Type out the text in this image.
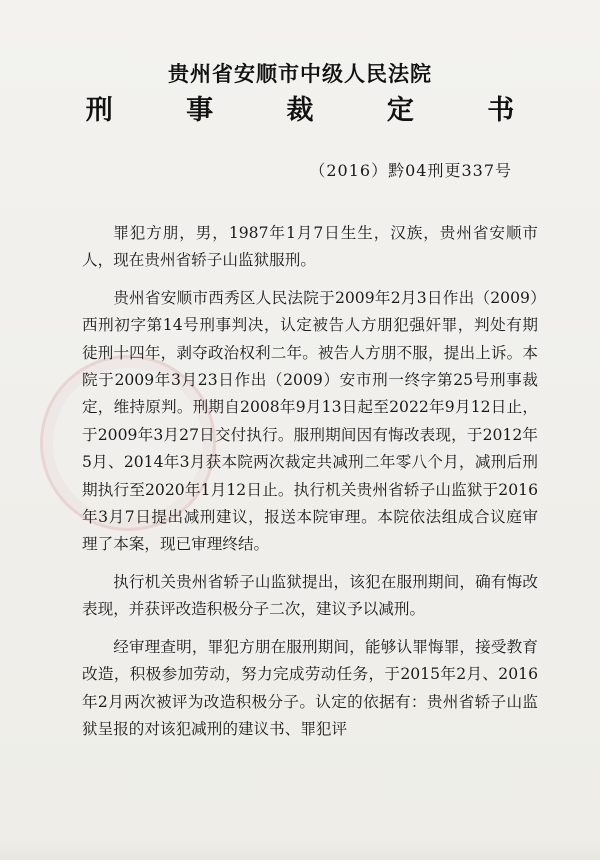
贵州省安顺市中级人民法院
刑 事 裁 定 书
（2016）黔04刑更337号

罪犯方朋，男，1987年1月7日生生，汉族，贵州省安顺市人，现在贵州省轿子山监狱服刑。

贵州省安顺市西秀区人民法院于2009年2月3日作出（2009）西刑初字第14号刑事判决，认定被告人方朋犯强奸罪，判处有期徒刑十四年，剥夺政治权利二年。被告人方朋不服，提出上诉。本院于2009年3月23日作出（2009）安市刑一终字第25号刑事裁定，维持原判。刑期自2008年9月13日起至2022年9月12日止，于2009年3月27日交付执行。服刑期间因有悔改表现，于2012年5月、2014年3月获本院两次裁定共减刑二年零八个月，减刑后刑期执行至2020年1月12日止。执行机关贵州省轿子山监狱于2016年3月7日提出减刑建议，报送本院审理。本院依法组成合议庭审理了本案，现已审理终结。

执行机关贵州省轿子山监狱提出，该犯在服刑期间，确有悔改表现，并获评改造积极分子二次，建议予以减刑。

经审理查明，罪犯方朋在服刑期间，能够认罪悔罪，接受教育改造，积极参加劳动，努力完成劳动任务，于2015年2月、2016年2月两次被评为改造积极分子。认定的依据有：贵州省轿子山监狱呈报的对该犯减刑的建议书、罪犯评
